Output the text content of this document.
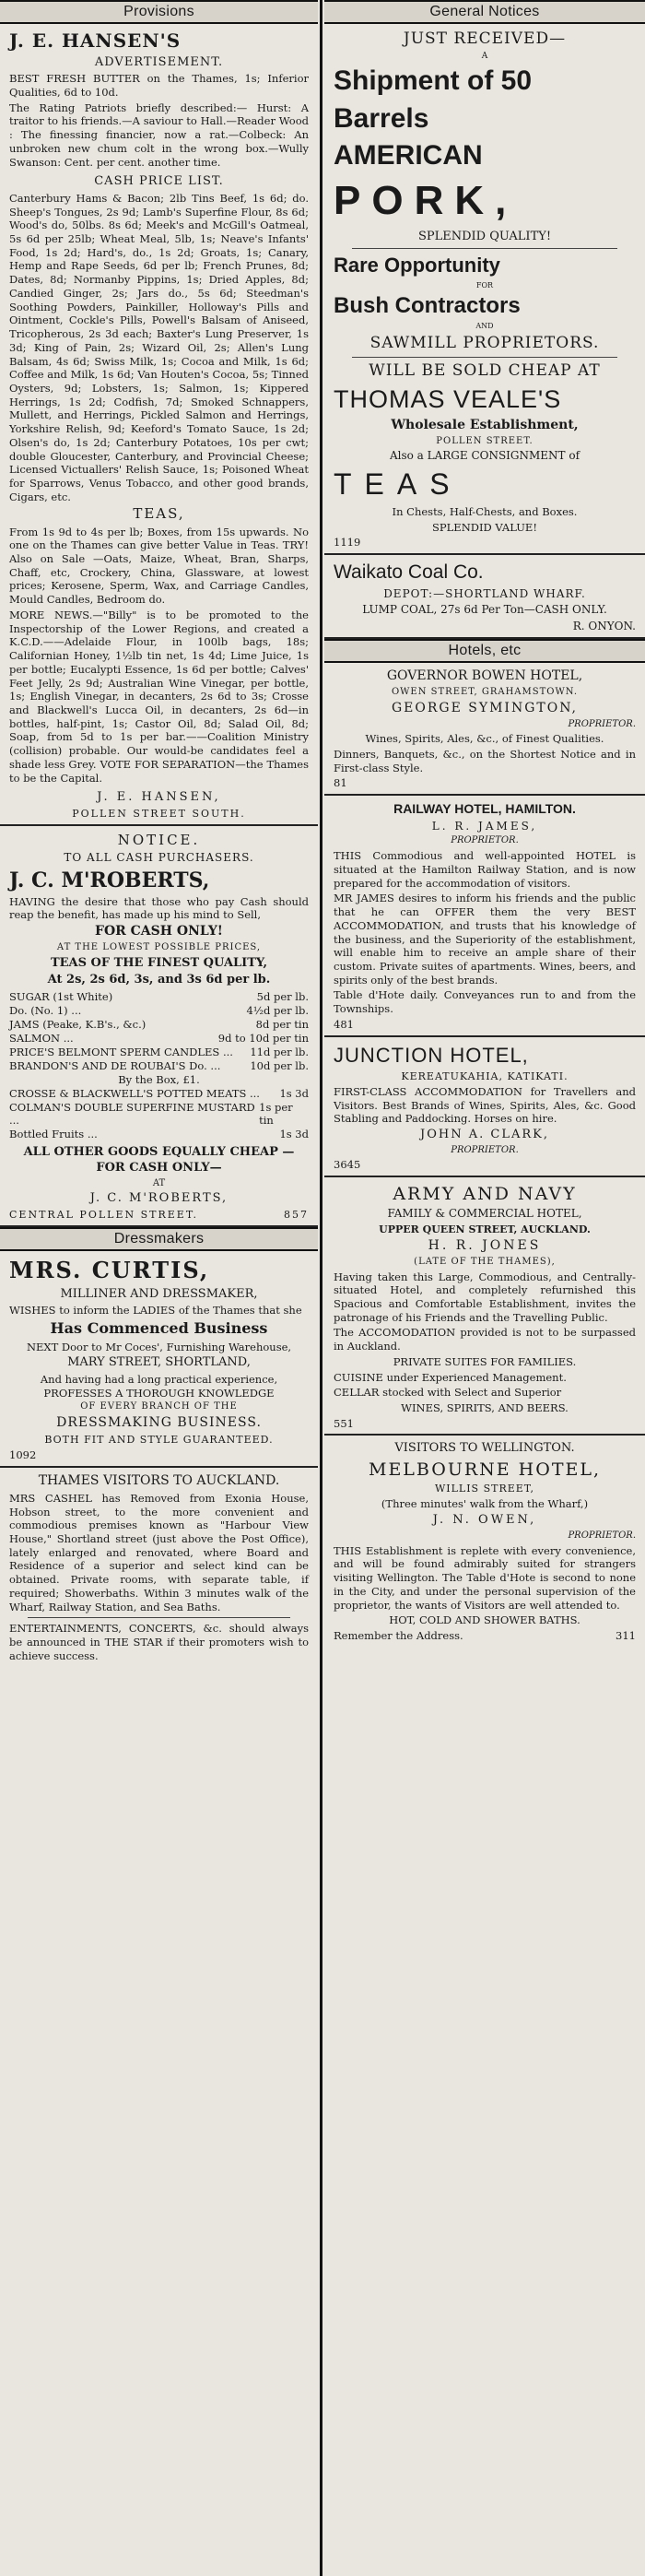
Provisions

J. E. HANSEN'S

ADVERTISEMENT.

BEST FRESH BUTTER on the Thames, 1s; Inferior Qualities, 6d to 10d.

The Rating Patriots briefly described:— Hurst: A traitor to his friends.—A saviour to Hall.—Reader Wood : The finessing financier, now a rat.—Colbeck: An unbroken new chum colt in the wrong box.—Wully Swanson: Cent. per cent. another time.

CASH PRICE LIST.

Canterbury Hams & Bacon; 2lb Tins Beef, 1s 6d; do. Sheep's Tongues, 2s 9d; Lamb's Superfine Flour, 8s 6d; Wood's do, 50lbs. 8s 6d; Meek's and McGill's Oatmeal, 5s 6d per 25lb; Wheat Meal, 5lb, 1s; Neave's Infants' Food, 1s 2d; Hard's, do., 1s 2d; Groats, 1s; Canary, Hemp and Rape Seeds, 6d per lb; French Prunes, 8d; Dates, 8d; Normanby Pippins, 1s; Dried Apples, 8d; Candied Ginger, 2s; Jars do., 5s 6d; Steedman's Soothing Powders, Painkiller, Holloway's Pills and Ointment, Cockle's Pills, Powell's Balsam of Aniseed, Tricopherous, 2s 3d each; Baxter's Lung Preserver, 1s 3d; King of Pain, 2s; Wizard Oil, 2s; Allen's Lung Balsam, 4s 6d; Swiss Milk, 1s; Cocoa and Milk, 1s 6d; Coffee and Milk, 1s 6d; Van Houten's Cocoa, 5s; Tinned Oysters, 9d; Lobsters, 1s; Salmon, 1s; Kippered Herrings, 1s 2d; Codfish, 7d; Smoked Schnappers, Mullett, and Herrings, Pickled Salmon and Herrings, Yorkshire Relish, 9d; Keeford's Tomato Sauce, 1s 2d; Olsen's do, 1s 2d; Canterbury Potatoes, 10s per cwt; double Gloucester, Canterbury, and Provincial Cheese; Licensed Victuallers' Relish Sauce, 1s; Poisoned Wheat for Sparrows, Venus Tobacco, and other good brands, Cigars, etc.

TEAS,

From 1s 9d to 4s per lb; Boxes, from 15s upwards. No one on the Thames can give better Value in Teas. TRY! Also on Sale —Oats, Maize, Wheat, Bran, Sharps, Chaff, etc, Crockery, China, Glassware, at lowest prices; Kerosene, Sperm, Wax, and Carriage Candles, Mould Candles, Bedroom do.

MORE NEWS.—"Billy" is to be promoted to the Inspectorship of the Lower Regions, and created a K.C.D.——Adelaide Flour, in 100lb bags, 18s; Californian Honey, 1½lb tin net, 1s 4d; Lime Juice, 1s per bottle; Eucalypti Essence, 1s 6d per bottle; Calves' Feet Jelly, 2s 9d; Australian Wine Vinegar, per bottle, 1s; English Vinegar, in decanters, 2s 6d to 3s; Crosse and Blackwell's Lucca Oil, in decanters, 2s 6d—in bottles, half-pint, 1s; Castor Oil, 8d; Salad Oil, 8d; Soap, from 5d to 1s per bar.——Coalition Ministry (collision) probable. Our would-be candidates feel a shade less Grey. VOTE FOR SEPARATION—the Thames to be the Capital.

J. E. HANSEN,

POLLEN STREET SOUTH.

NOTICE.

TO ALL CASH PURCHASERS.

J. C. M'ROBERTS,

HAVING the desire that those who pay Cash should reap the benefit, has made up his mind to Sell,

FOR CASH ONLY!

AT THE LOWEST POSSIBLE PRICES,

TEAS OF THE FINEST QUALITY,

At 2s, 2s 6d, 3s, and 3s 6d per lb.

SUGAR (1st White)	5d per lb.
Do. (No. 1) ...	4½d per lb.
JAMS (Peake, K.B's., &c.)	8d per tin
SALMON ...	9d to 10d per tin
PRICE'S BELMONT SPERM CANDLES ... 11d per lb.
BRANDON'S AND DE ROUBAI'S Do. ...	10d per lb.
By the Box, £1.
CROSSE & BLACKWELL'S POTTED MEATS ... 1s 3d
COLMAN'S DOUBLE SUPERFINE MUSTARD ...
1s per tin
Bottled Fruits ...	1s 3d

ALL OTHER GOODS EQUALLY CHEAP —FOR CASH ONLY—

AT

J. C. M'ROBERTS,

CENTRAL POLLEN STREET.	857

Dressmakers

MRS. CURTIS,

MILLINER AND DRESSMAKER,

WISHES to inform the LADIES of the Thames that she

Has Commenced Business

NEXT Door to Mr Coces', Furnishing Warehouse,

MARY STREET, SHORTLAND,

And having had a long practical experience, PROFESSES A THOROUGH KNOWLEDGE

OF EVERY BRANCH OF THE

DRESSMAKING BUSINESS.

BOTH FIT AND STYLE GUARANTEED.

1092

THAMES VISITORS TO AUCKLAND.

MRS CASHEL has Removed from Exonia House, Hobson street, to the more convenient and commodious premises known as "Harbour View House," Shortland street (just above the Post Office), lately enlarged and renovated, where Board and Residence of a superior and select kind can be obtained. Private rooms, with separate table, if required; Showerbaths. Within 3 minutes walk of the Wharf, Railway Station, and Sea Baths.

ENTERTAINMENTS, CONCERTS, &c. should always be announced in THE STAR if their promoters wish to achieve success.

General Notices

JUST RECEIVED—

A

Shipment of 50

Barrels

AMERICAN

PORK,

SPLENDID QUALITY!

Rare Opportunity

FOR

Bush Contractors

AND

SAWMILL PROPRIETORS.

WILL BE SOLD CHEAP AT

THOMAS VEALE'S

Wholesale Establishment,

POLLEN STREET.

Also a LARGE CONSIGNMENT of

TEAS

In Chests, Half-Chests, and Boxes.

SPLENDID VALUE!

1119

Waikato Coal Co.

DEPOT:—SHORTLAND WHARF.

LUMP COAL, 27s 6d Per Ton—CASH ONLY.

R. ONYON.

Hotels, etc

GOVERNOR BOWEN HOTEL,

OWEN STREET, GRAHAMSTOWN.

GEORGE SYMINGTON,

PROPRIETOR.

Wines, Spirits, Ales, &c., of Finest Qualities.

Dinners, Banquets, &c., on the Shortest Notice and in First-class Style.

81

RAILWAY HOTEL, HAMILTON.

L. R. JAMES,

PROPRIETOR.

THIS Commodious and well-appointed HOTEL is situated at the Hamilton Railway Station, and is now prepared for the accommodation of visitors.

MR JAMES desires to inform his friends and the public that he can OFFER them the very BEST ACCOMMODATION, and trusts that his knowledge of the business, and the Superiority of the establishment, will enable him to receive an ample share of their custom. Private suites of apartments. Wines, beers, and spirits only of the best brands.

Table d'Hote daily. Conveyances run to and from the Townships.

481

JUNCTION HOTEL,

KEREATUKAHIA, KATIKATI.

FIRST-CLASS ACCOMMODATION for Travellers and Visitors. Best Brands of Wines, Spirits, Ales, &c. Good Stabling and Paddocking. Horses on hire.

JOHN A. CLARK,

PROPRIETOR.

3645

ARMY AND NAVY

FAMILY & COMMERCIAL HOTEL,

UPPER QUEEN STREET, AUCKLAND.

H. R. JONES

(LATE OF THE THAMES),

Having taken this Large, Commodious, and Centrally-situated Hotel, and completely refurnished this Spacious and Comfortable Establishment, invites the patronage of his Friends and the Travelling Public.

The ACCOMODATION provided is not to be surpassed in Auckland.

PRIVATE SUITES FOR FAMILIES.

CUISINE under Experienced Management.

CELLAR stocked with Select and Superior

WINES, SPIRITS, AND BEERS.

551

VISITORS TO WELLINGTON.

MELBOURNE HOTEL,

WILLIS STREET,

(Three minutes' walk from the Wharf,)

J. N. OWEN,

PROPRIETOR.

THIS Establishment is replete with every convenience, and will be found admirably suited for strangers visiting Wellington. The Table d'Hote is second to none in the City, and under the personal supervision of the proprietor, the wants of Visitors are well attended to.

HOT, COLD AND SHOWER BATHS.

Remember the Address.	311
